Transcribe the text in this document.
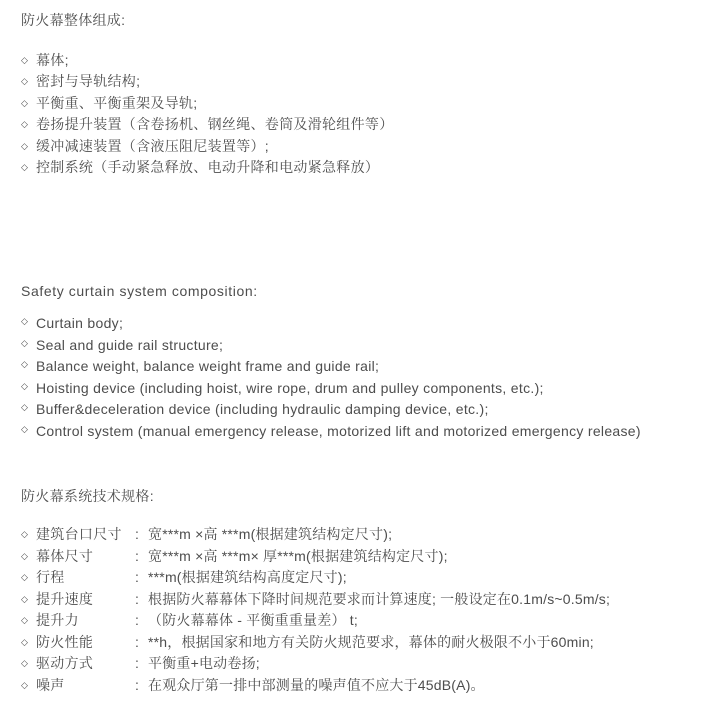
防火幕整体组成:
◇ 幕体;
◇ 密封与导轨结构;
◇ 平衡重、平衡重架及导轨;
◇ 卷扬提升装置（含卷扬机、钢丝绳、卷筒及滑轮组件等）
◇ 缓冲减速装置（含液压阻尼装置等）;
◇ 控制系统（手动紧急释放、电动升降和电动紧急释放）
Safety curtain system composition:
◇ Curtain body;
◇ Seal and guide rail structure;
◇ Balance weight, balance weight frame and guide rail;
◇ Hoisting device (including hoist, wire rope, drum and pulley components, etc.);
◇ Buffer&deceleration device (including hydraulic damping device, etc.);
◇ Control system (manual emergency release, motorized lift and motorized emergency release)
防火幕系统技术规格:
◇ 建筑台口尺寸 : 宽***m ×高 ***m(根据建筑结构定尺寸);
◇ 幕体尺寸	: 宽***m ×高 ***m× 厚***m(根据建筑结构定尺寸);
◇ 行程	: ***m(根据建筑结构高度定尺寸);
◇ 提升速度	: 根据防火幕幕体下降时间规范要求而计算速度; 一般设定在0.1m/s~0.5m/s;
◇ 提升力	: （防火幕幕体 - 平衡重重量差） t;
◇ 防火性能	: **h，根据国家和地方有关防火规范要求，幕体的耐火极限不小于60min;
◇ 驱动方式	: 平衡重+电动卷扬;
◇ 噪声	: 在观众厅第一排中部测量的噪声值不应大于45dB(A)。
